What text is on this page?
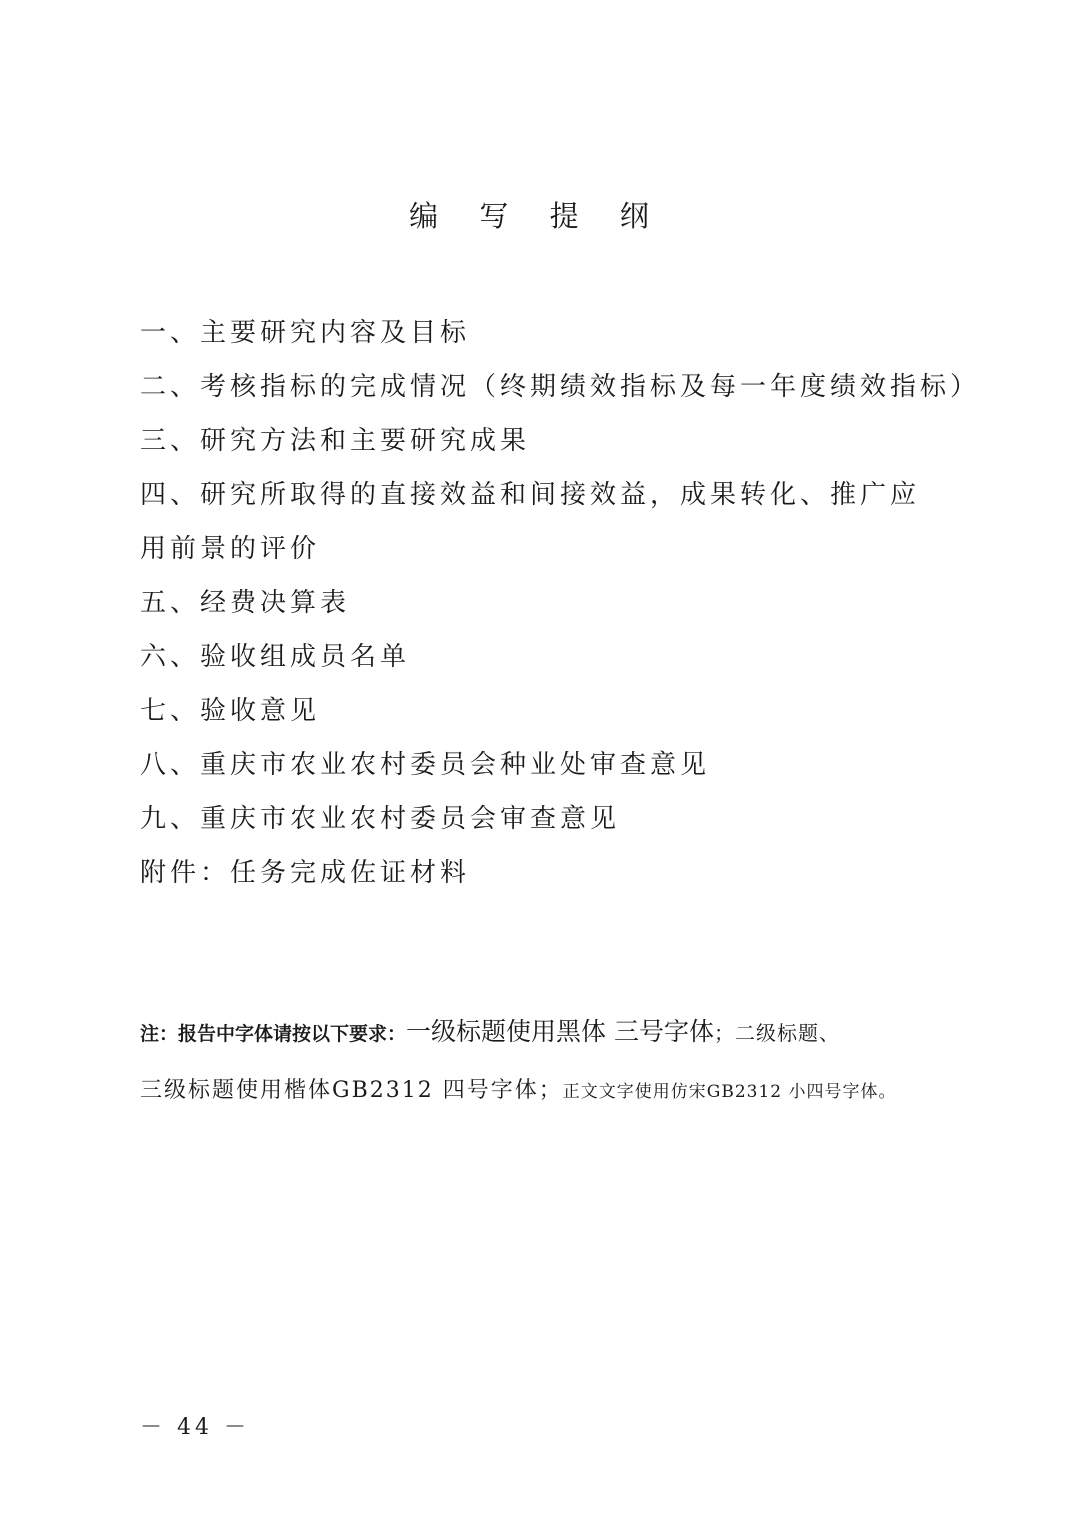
编 写 提 纲
一、主要研究内容及目标
二、考核指标的完成情况（终期绩效指标及每一年度绩效指标）
三、研究方法和主要研究成果
四、研究所取得的直接效益和间接效益，成果转化、推广应用前景的评价
五、经费决算表
六、验收组成员名单
七、验收意见
八、重庆市农业农村委员会种业处审查意见
九、重庆市农业农村委员会审查意见
附件：任务完成佐证材料
注：报告中字体请按以下要求：一级标题使用黑体 三号字体；二级标题、
三级标题使用楷体GB2312 四号字体；正文文字使用仿宋GB2312 小四号字体。
－ 44 －
